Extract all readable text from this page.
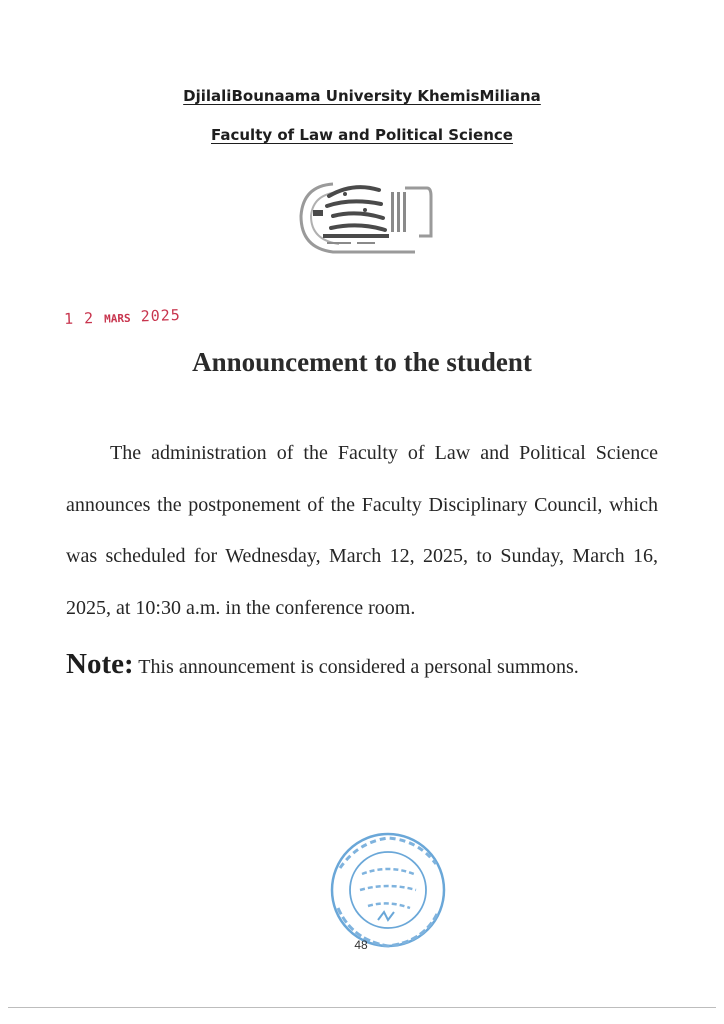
DjilaliBounaama University KhemisMiliana
Faculty of Law and Political Science
1 2 MARS 2025
Announcement to the student
The administration of the Faculty of Law and Political Science announces the postponement of the Faculty Disciplinary Council, which was scheduled for Wednesday, March 12, 2025, to Sunday, March 16, 2025, at 10:30 a.m. in the conference room.
Note: This announcement is considered a personal summons.
48
